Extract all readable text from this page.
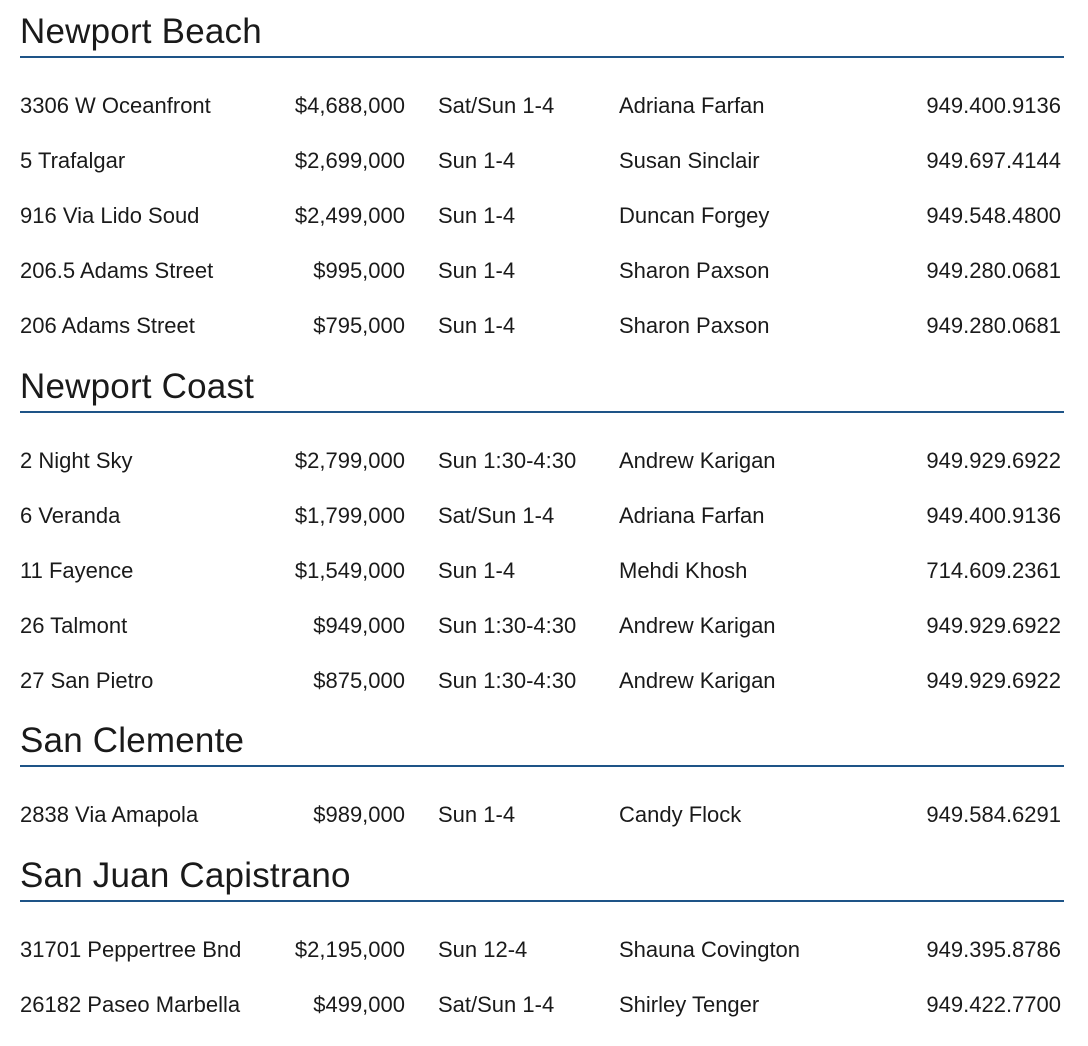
Newport Beach
3306 W Oceanfront	$4,688,000 Sat/Sun 1-4	Adriana Farfan	949.400.9136
5 Trafalgar	$2,699,000 Sun 1-4	Susan Sinclair	949.697.4144
916 Via Lido Soud	$2,499,000 Sun 1-4	Duncan Forgey	949.548.4800
206.5 Adams Street	$995,000 Sun 1-4	Sharon Paxson	949.280.0681
206 Adams Street	$795,000 Sun 1-4	Sharon Paxson	949.280.0681
Newport Coast
2 Night Sky	$2,799,000 Sun 1:30-4:30 Andrew Karigan	949.929.6922
6 Veranda	$1,799,000 Sat/Sun 1-4	Adriana Farfan	949.400.9136
11 Fayence	$1,549,000 Sun 1-4	Mehdi Khosh	714.609.2361
26 Talmont	$949,000 Sun 1:30-4:30 Andrew Karigan	949.929.6922
27 San Pietro	$875,000 Sun 1:30-4:30 Andrew Karigan	949.929.6922
San Clemente
2838 Via Amapola	$989,000 Sun 1-4	Candy Flock	949.584.6291
San Juan Capistrano
31701 Peppertree Bnd $2,195,000 Sun 12-4	Shauna Covington	949.395.8786
26182 Paseo Marbella	$499,000 Sat/Sun 1-4	Shirley Tenger	949.422.7700
